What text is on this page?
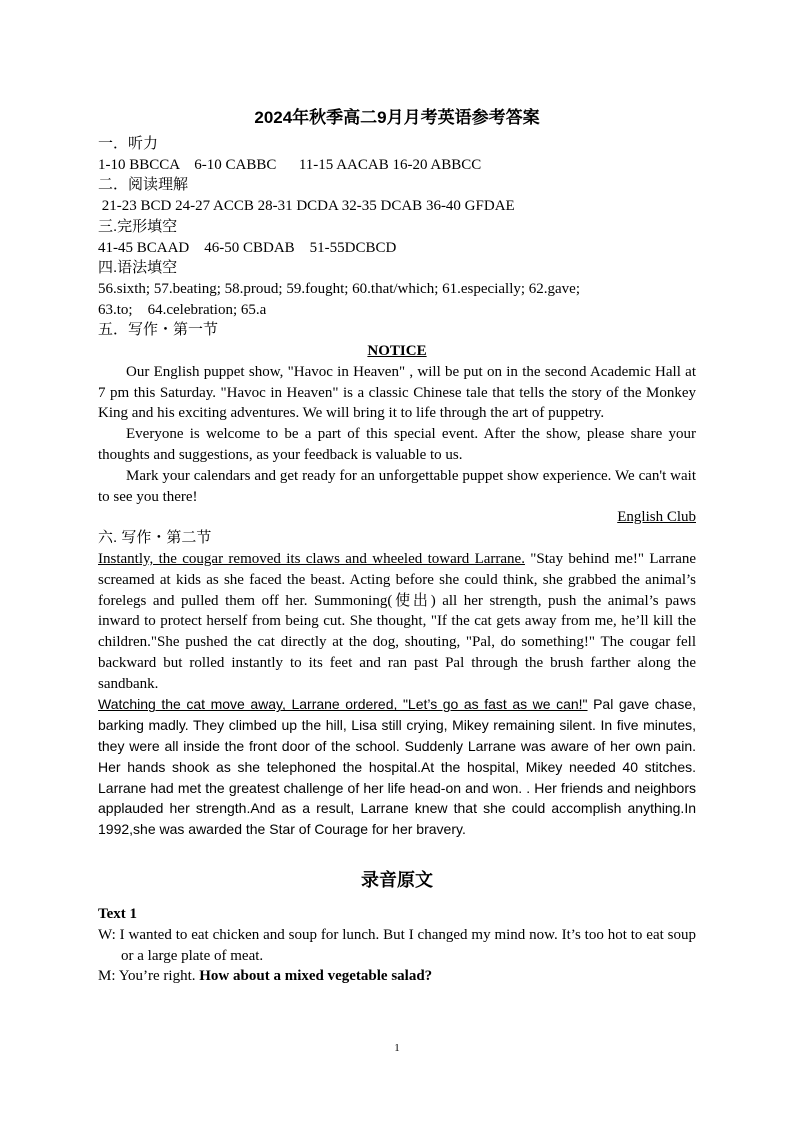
2024年秋季高二9月月考英语参考答案
一．听力
1-10 BBCCA    6-10 CABBC      11-15 AACAB 16-20 ABBCC
二．阅读理解
21-23 BCD 24-27 ACCB 28-31 DCDA 32-35 DCAB 36-40 GFDAE
三.完形填空
41-45 BCAAD    46-50 CBDAB    51-55DCBCD
四.语法填空
56.sixth; 57.beating; 58.proud; 59.fought; 60.that/which; 61.especially; 62.gave;
63.to;    64.celebration; 65.a
五．写作・第一节
NOTICE
Our English puppet show, "Havoc in Heaven" , will be put on in the second Academic Hall at 7 pm this Saturday. "Havoc in Heaven" is a classic Chinese tale that tells the story of the Monkey King and his exciting adventures. We will bring it to life through the art of puppetry.
Everyone is welcome to be a part of this special event. After the show, please share your thoughts and suggestions, as your feedback is valuable to us.
Mark your calendars and get ready for an unforgettable puppet show experience. We can't wait to see you there!
English Club
六. 写作・第二节
Instantly, the cougar removed its claws and wheeled toward Larrane. "Stay behind me!" Larrane screamed at kids as she faced the beast. Acting before she could think, she grabbed the animal’s forelegs and pulled them off her. Summoning(使出) all her strength, push the animal’s paws inward to protect herself from being cut. She thought, "If the cat gets away from me, he’ll kill the children."She pushed the cat directly at the dog, shouting, "Pal, do something!" The cougar fell backward but rolled instantly to its feet and ran past Pal through the brush farther along the sandbank.
Watching the cat move away, Larrane ordered, "Let’s go as fast as we can!" Pal gave chase, barking madly. They climbed up the hill, Lisa still crying, Mikey remaining silent. In five minutes, they were all inside the front door of the school. Suddenly Larrane was aware of her own pain. Her hands shook as she telephoned the hospital.At the hospital, Mikey needed 40 stitches. Larrane had met the greatest challenge of her life head-on and won. . Her friends and neighbors applauded her strength.And as a result, Larrane knew that she could accomplish anything.In 1992,she was awarded the Star of Courage for her bravery.
录音原文
Text 1
W: I wanted to eat chicken and soup for lunch. But I changed my mind now. It’s too hot to eat soup or a large plate of meat.
M: You’re right. How about a mixed vegetable salad?
1
